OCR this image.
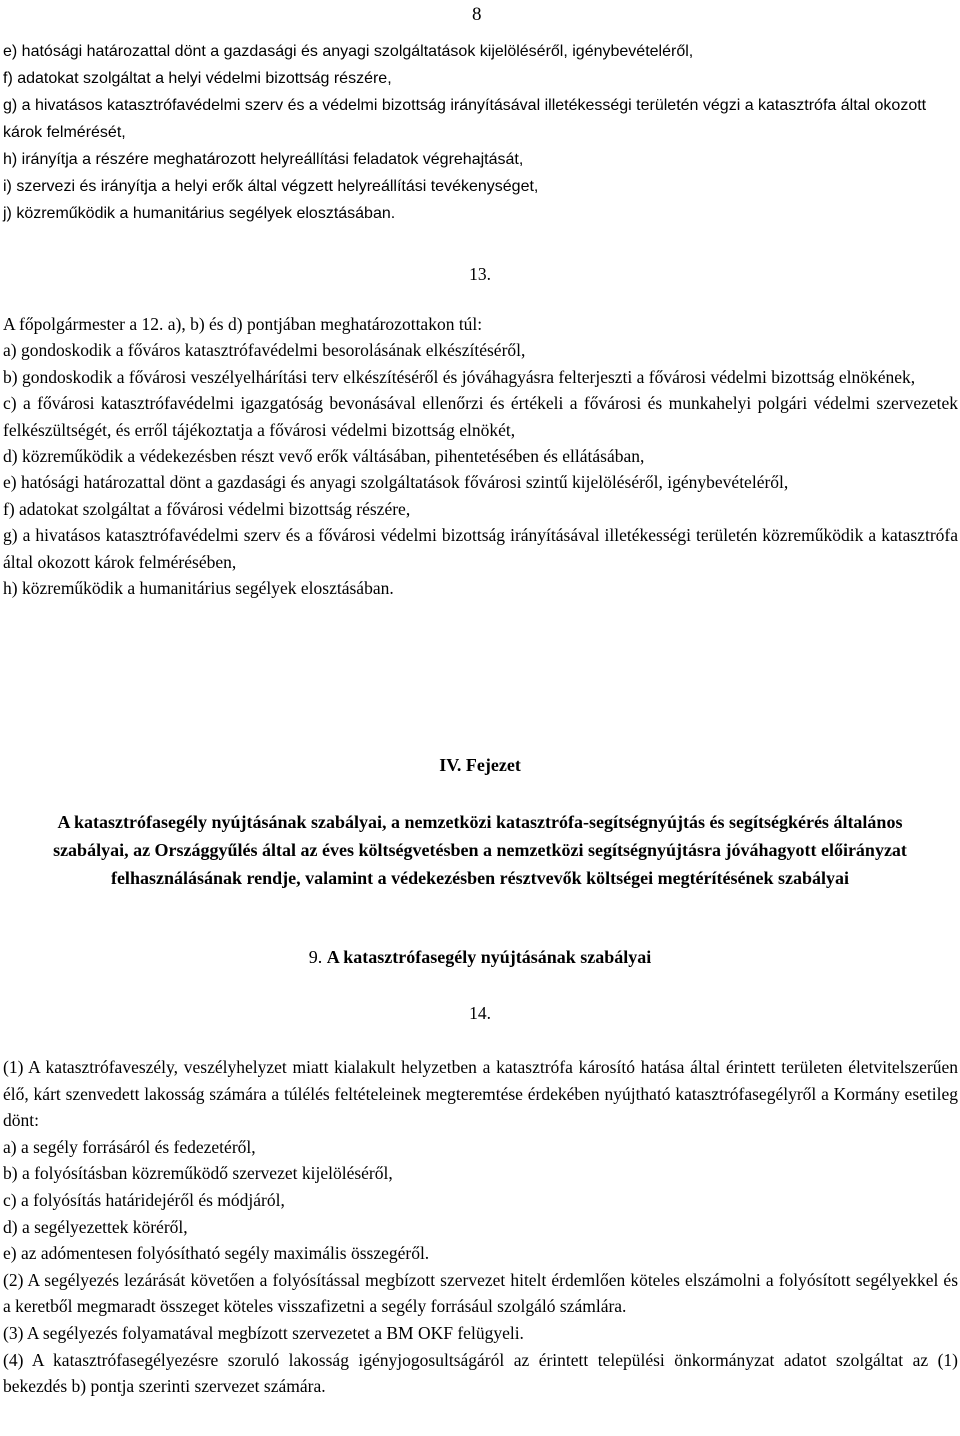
8
e) hatósági határozattal dönt a gazdasági és anyagi szolgáltatások kijelöléséről, igénybevételéről,
f) adatokat szolgáltat a helyi védelmi bizottság részére,
g) a hivatásos katasztrófavédelmi szerv és a védelmi bizottság irányításával illetékességi területén végzi a katasztrófa által okozott károk felmérését,
h) irányítja a részére meghatározott helyreállítási feladatok végrehajtását,
i) szervezi és irányítja a helyi erők által végzett helyreállítási tevékenységet,
j) közreműködik a humanitárius segélyek elosztásában.
13.
A főpolgármester a 12. a), b) és d) pontjában meghatározottakon túl:
a) gondoskodik a főváros katasztrófavédelmi besorolásának elkészítéséről,
b) gondoskodik a fővárosi veszélyelhárítási terv elkészítéséről és jóváhagyásra felterjeszti a fővárosi védelmi bizottság elnökének,
c) a fővárosi katasztrófavédelmi igazgatóság bevonásával ellenőrzi és értékeli a fővárosi és munkahelyi polgári védelmi szervezetek felkészültségét, és erről tájékoztatja a fővárosi védelmi bizottság elnökét,
d) közreműködik a védekezésben részt vevő erők váltásában, pihentetésében és ellátásában,
e) hatósági határozattal dönt a gazdasági és anyagi szolgáltatások fővárosi szintű kijelöléséről, igénybevételéről,
f) adatokat szolgáltat a fővárosi védelmi bizottság részére,
g) a hivatásos katasztrófavédelmi szerv és a fővárosi védelmi bizottság irányításával illetékességi területén közreműködik a katasztrófa által okozott károk felmérésében,
h) közreműködik a humanitárius segélyek elosztásában.
IV. Fejezet
A katasztrófasegély nyújtásának szabályai, a nemzetközi katasztrófa-segítségnyújtás és segítségkérés általános szabályai, az Országgyűlés által az éves költségvetésben a nemzetközi segítségnyújtásra jóváhagyott előirányzat felhasználásának rendje, valamint a védekezésben résztvevők költségei megtérítésének szabályai
9. A katasztrófasegély nyújtásának szabályai
14.
(1) A katasztrófaveszély, veszélyhelyzet miatt kialakult helyzetben a katasztrófa károsító hatása által érintett területen életvitelszerűen élő, kárt szenvedett lakosság számára a túlélés feltételeinek megteremtése érdekében nyújtható katasztrófasegélyről a Kormány esetileg dönt:
a) a segély forrásáról és fedezetéről,
b) a folyósításban közreműködő szervezet kijelöléséről,
c) a folyósítás határidejéről és módjáról,
d) a segélyezettek köréről,
e) az adómentesen folyósítható segély maximális összegéről.
(2) A segélyezés lezárását követően a folyósítással megbízott szervezet hitelt érdemlően köteles elszámolni a folyósított segélyekkel és a keretből megmaradt összeget köteles visszafizetni a segély forrásául szolgáló számlára.
(3) A segélyezés folyamatával megbízott szervezetet a BM OKF felügyeli.
(4) A katasztrófasegélyezésre szoruló lakosság igényjogosultságáról az érintett települési önkormányzat adatot szolgáltat az (1) bekezdés b) pontja szerinti szervezet számára.
